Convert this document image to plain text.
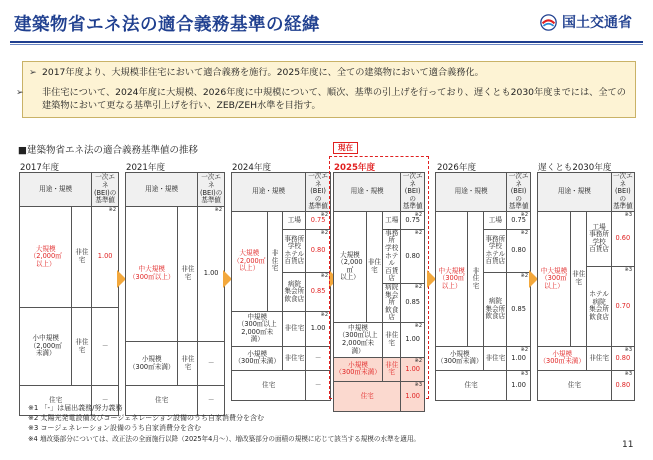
建築物省エネ法の適合義務基準の経緯	国土交通省
➢ 2017年度より、大規模非住宅において適合義務を施行。2025年度に、全ての建築物において適合義務化。
➢ 非住宅について、2024年度に大規模、2026年度に中規模について、順次、基準の引上げを行っており、遅くとも2030年度までには、全ての建築物において更なる基準引上げを行い、ZEB/ZEH水準を目指す。
■建築物省エネ法の適合義務基準値の推移	現在
2017年度	2021年度	2024年度	2025年度	2026年度	遅くとも2030年度
用途・規模		一次エネ
(BEI)の
基準値
大規模
（2,000㎡
以上）	非住宅	※2
1.00
小中規模
（2,000㎡
未満）	非住宅	－
住宅		－
用途・規模		一次エネ
(BEI)の
基準値
中大規模
（300㎡以上）	非住宅	※2
1.00
小規模
（300㎡未満）	非住宅	－
住宅		－
用途・規模			一次エネ
(BEI)の
基準値
大規模
（2,000㎡
以上）	非住宅	工場	※2
0.75
		事務所
学校
ホテル
百貨店	※2
0.80
		病院
集会所
飲食店	※2
0.85
中規模
（300㎡以上
2,000㎡未
満）		非住宅	※2
1.00
小規模
（300㎡未満）		非住宅	－
住宅			－
用途・規模			一次エネ
(BEI)の
基準値
大規模
（2,000㎡
以上）	非住宅	工場	※2
0.75
		事務所
学校
ホテル
百貨店	※2
0.80
		病院
集会所
飲食店	※2
0.85
中規模
（300㎡以上
2,000㎡未
満）		非住宅	※2
1.00
小規模
（300㎡未満）		非住宅	※2
1.00
住宅			※3
1.00
用途・規模			一次エネ
(BEI)の
基準値
中大規模
（300㎡以上）	非住宅	工場	※2
0.75
		事務所
学校
ホテル
百貨店	※2
0.80
		病院
集会所
飲食店	※2
0.85
小規模
（300㎡未満）		非住宅	※2
1.00
住宅			※3
1.00
用途・規模			一次エネ
(BEI)の
基準値
中大規模
（300㎡以上）	非住宅	工場
事務所
学校
百貨店	※3
0.60
		ホテル
病院
集会所
飲食店	※3
0.70
小規模
（300㎡未満）		非住宅	※3
0.80
住宅			※3
0.80
※1 「-」は届出義務/努力義務
※2 太陽光発電設備及びコージェネレーション設備のうち自家消費分を含む
※3 コージェネレーション設備のうち自家消費分を含む
※4 増改築部分については、改正法の全面施行以降（2025年4月～）、増改築部分の面積の規模に応じて該当する規模の水準を適用。
11
